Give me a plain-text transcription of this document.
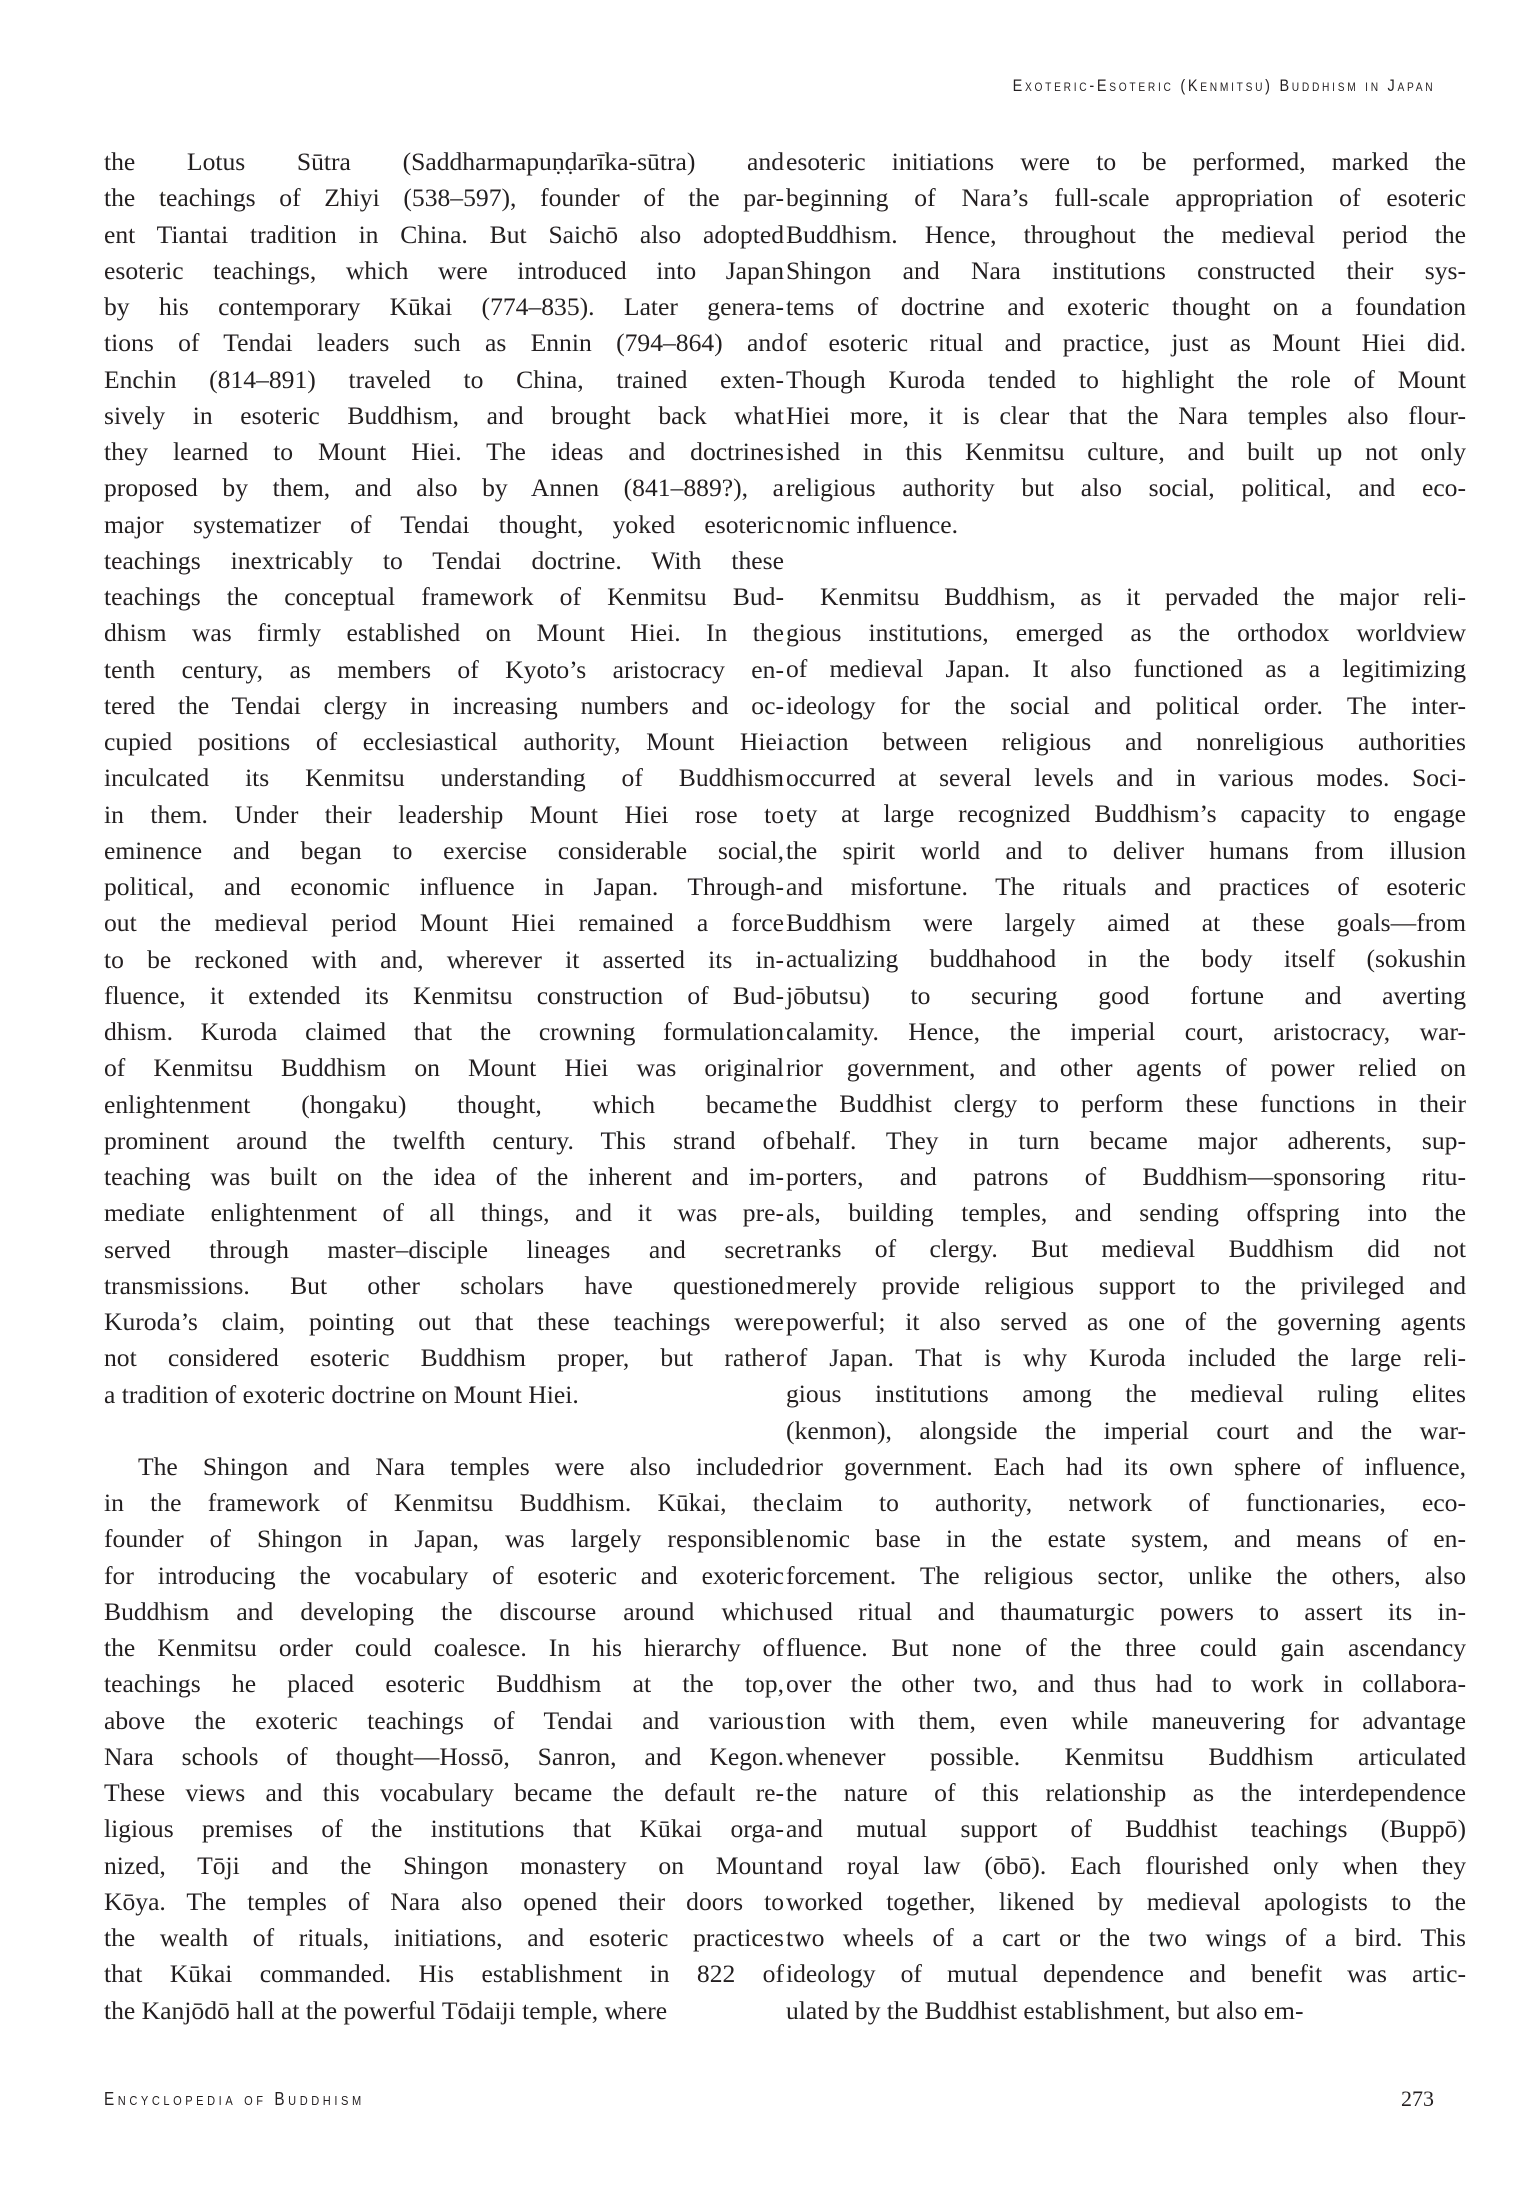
Exoteric-Esoteric (Kenmitsu) Buddhism in Japan
the Lotus Sūtra (Saddharmapuṇḍarīka-sūtra) and
the teachings of Zhiyi (538–597), founder of the par-
ent Tiantai tradition in China. But Saichō also adopted
esoteric teachings, which were introduced into Japan
by his contemporary Kūkai (774–835). Later genera-
tions of Tendai leaders such as Ennin (794–864) and
Enchin (814–891) traveled to China, trained exten-
sively in esoteric Buddhism, and brought back what
they learned to Mount Hiei. The ideas and doctrines
proposed by them, and also by Annen (841–889?), a
major systematizer of Tendai thought, yoked esoteric
teachings inextricably to Tendai doctrine. With these
teachings the conceptual framework of Kenmitsu Bud-
dhism was firmly established on Mount Hiei. In the
tenth century, as members of Kyoto’s aristocracy en-
tered the Tendai clergy in increasing numbers and oc-
cupied positions of ecclesiastical authority, Mount Hiei
inculcated its Kenmitsu understanding of Buddhism
in them. Under their leadership Mount Hiei rose to
eminence and began to exercise considerable social,
political, and economic influence in Japan. Through-
out the medieval period Mount Hiei remained a force
to be reckoned with and, wherever it asserted its in-
fluence, it extended its Kenmitsu construction of Bud-
dhism. Kuroda claimed that the crowning formulation
of Kenmitsu Buddhism on Mount Hiei was original
enlightenment (hongaku) thought, which became
prominent around the twelfth century. This strand of
teaching was built on the idea of the inherent and im-
mediate enlightenment of all things, and it was pre-
served through master–disciple lineages and secret
transmissions. But other scholars have questioned
Kuroda’s claim, pointing out that these teachings were
not considered esoteric Buddhism proper, but rather
a tradition of exoteric doctrine on Mount Hiei.
The Shingon and Nara temples were also included
in the framework of Kenmitsu Buddhism. Kūkai, the
founder of Shingon in Japan, was largely responsible
for introducing the vocabulary of esoteric and exoteric
Buddhism and developing the discourse around which
the Kenmitsu order could coalesce. In his hierarchy of
teachings he placed esoteric Buddhism at the top,
above the exoteric teachings of Tendai and various
Nara schools of thought—Hossō, Sanron, and Kegon.
These views and this vocabulary became the default re-
ligious premises of the institutions that Kūkai orga-
nized, Tōji and the Shingon monastery on Mount
Kōya. The temples of Nara also opened their doors to
the wealth of rituals, initiations, and esoteric practices
that Kūkai commanded. His establishment in 822 of
the Kanjōdō hall at the powerful Tōdaiji temple, where
esoteric initiations were to be performed, marked the
beginning of Nara’s full-scale appropriation of esoteric
Buddhism. Hence, throughout the medieval period the
Shingon and Nara institutions constructed their sys-
tems of doctrine and exoteric thought on a foundation
of esoteric ritual and practice, just as Mount Hiei did.
Though Kuroda tended to highlight the role of Mount
Hiei more, it is clear that the Nara temples also flour-
ished in this Kenmitsu culture, and built up not only
religious authority but also social, political, and eco-
nomic influence.
Kenmitsu Buddhism, as it pervaded the major reli-
gious institutions, emerged as the orthodox worldview
of medieval Japan. It also functioned as a legitimizing
ideology for the social and political order. The inter-
action between religious and nonreligious authorities
occurred at several levels and in various modes. Soci-
ety at large recognized Buddhism’s capacity to engage
the spirit world and to deliver humans from illusion
and misfortune. The rituals and practices of esoteric
Buddhism were largely aimed at these goals—from
actualizing buddhahood in the body itself (sokushin
jōbutsu) to securing good fortune and averting
calamity. Hence, the imperial court, aristocracy, war-
rior government, and other agents of power relied on
the Buddhist clergy to perform these functions in their
behalf. They in turn became major adherents, sup-
porters, and patrons of Buddhism—sponsoring ritu-
als, building temples, and sending offspring into the
ranks of clergy. But medieval Buddhism did not
merely provide religious support to the privileged and
powerful; it also served as one of the governing agents
of Japan. That is why Kuroda included the large reli-
gious institutions among the medieval ruling elites
(kenmon), alongside the imperial court and the war-
rior government. Each had its own sphere of influence,
claim to authority, network of functionaries, eco-
nomic base in the estate system, and means of en-
forcement. The religious sector, unlike the others, also
used ritual and thaumaturgic powers to assert its in-
fluence. But none of the three could gain ascendancy
over the other two, and thus had to work in collabora-
tion with them, even while maneuvering for advantage
whenever possible. Kenmitsu Buddhism articulated
the nature of this relationship as the interdependence
and mutual support of Buddhist teachings (Buppō)
and royal law (ōbō). Each flourished only when they
worked together, likened by medieval apologists to the
two wheels of a cart or the two wings of a bird. This
ideology of mutual dependence and benefit was artic-
ulated by the Buddhist establishment, but also em-
Encyclopedia of Buddhism	273
